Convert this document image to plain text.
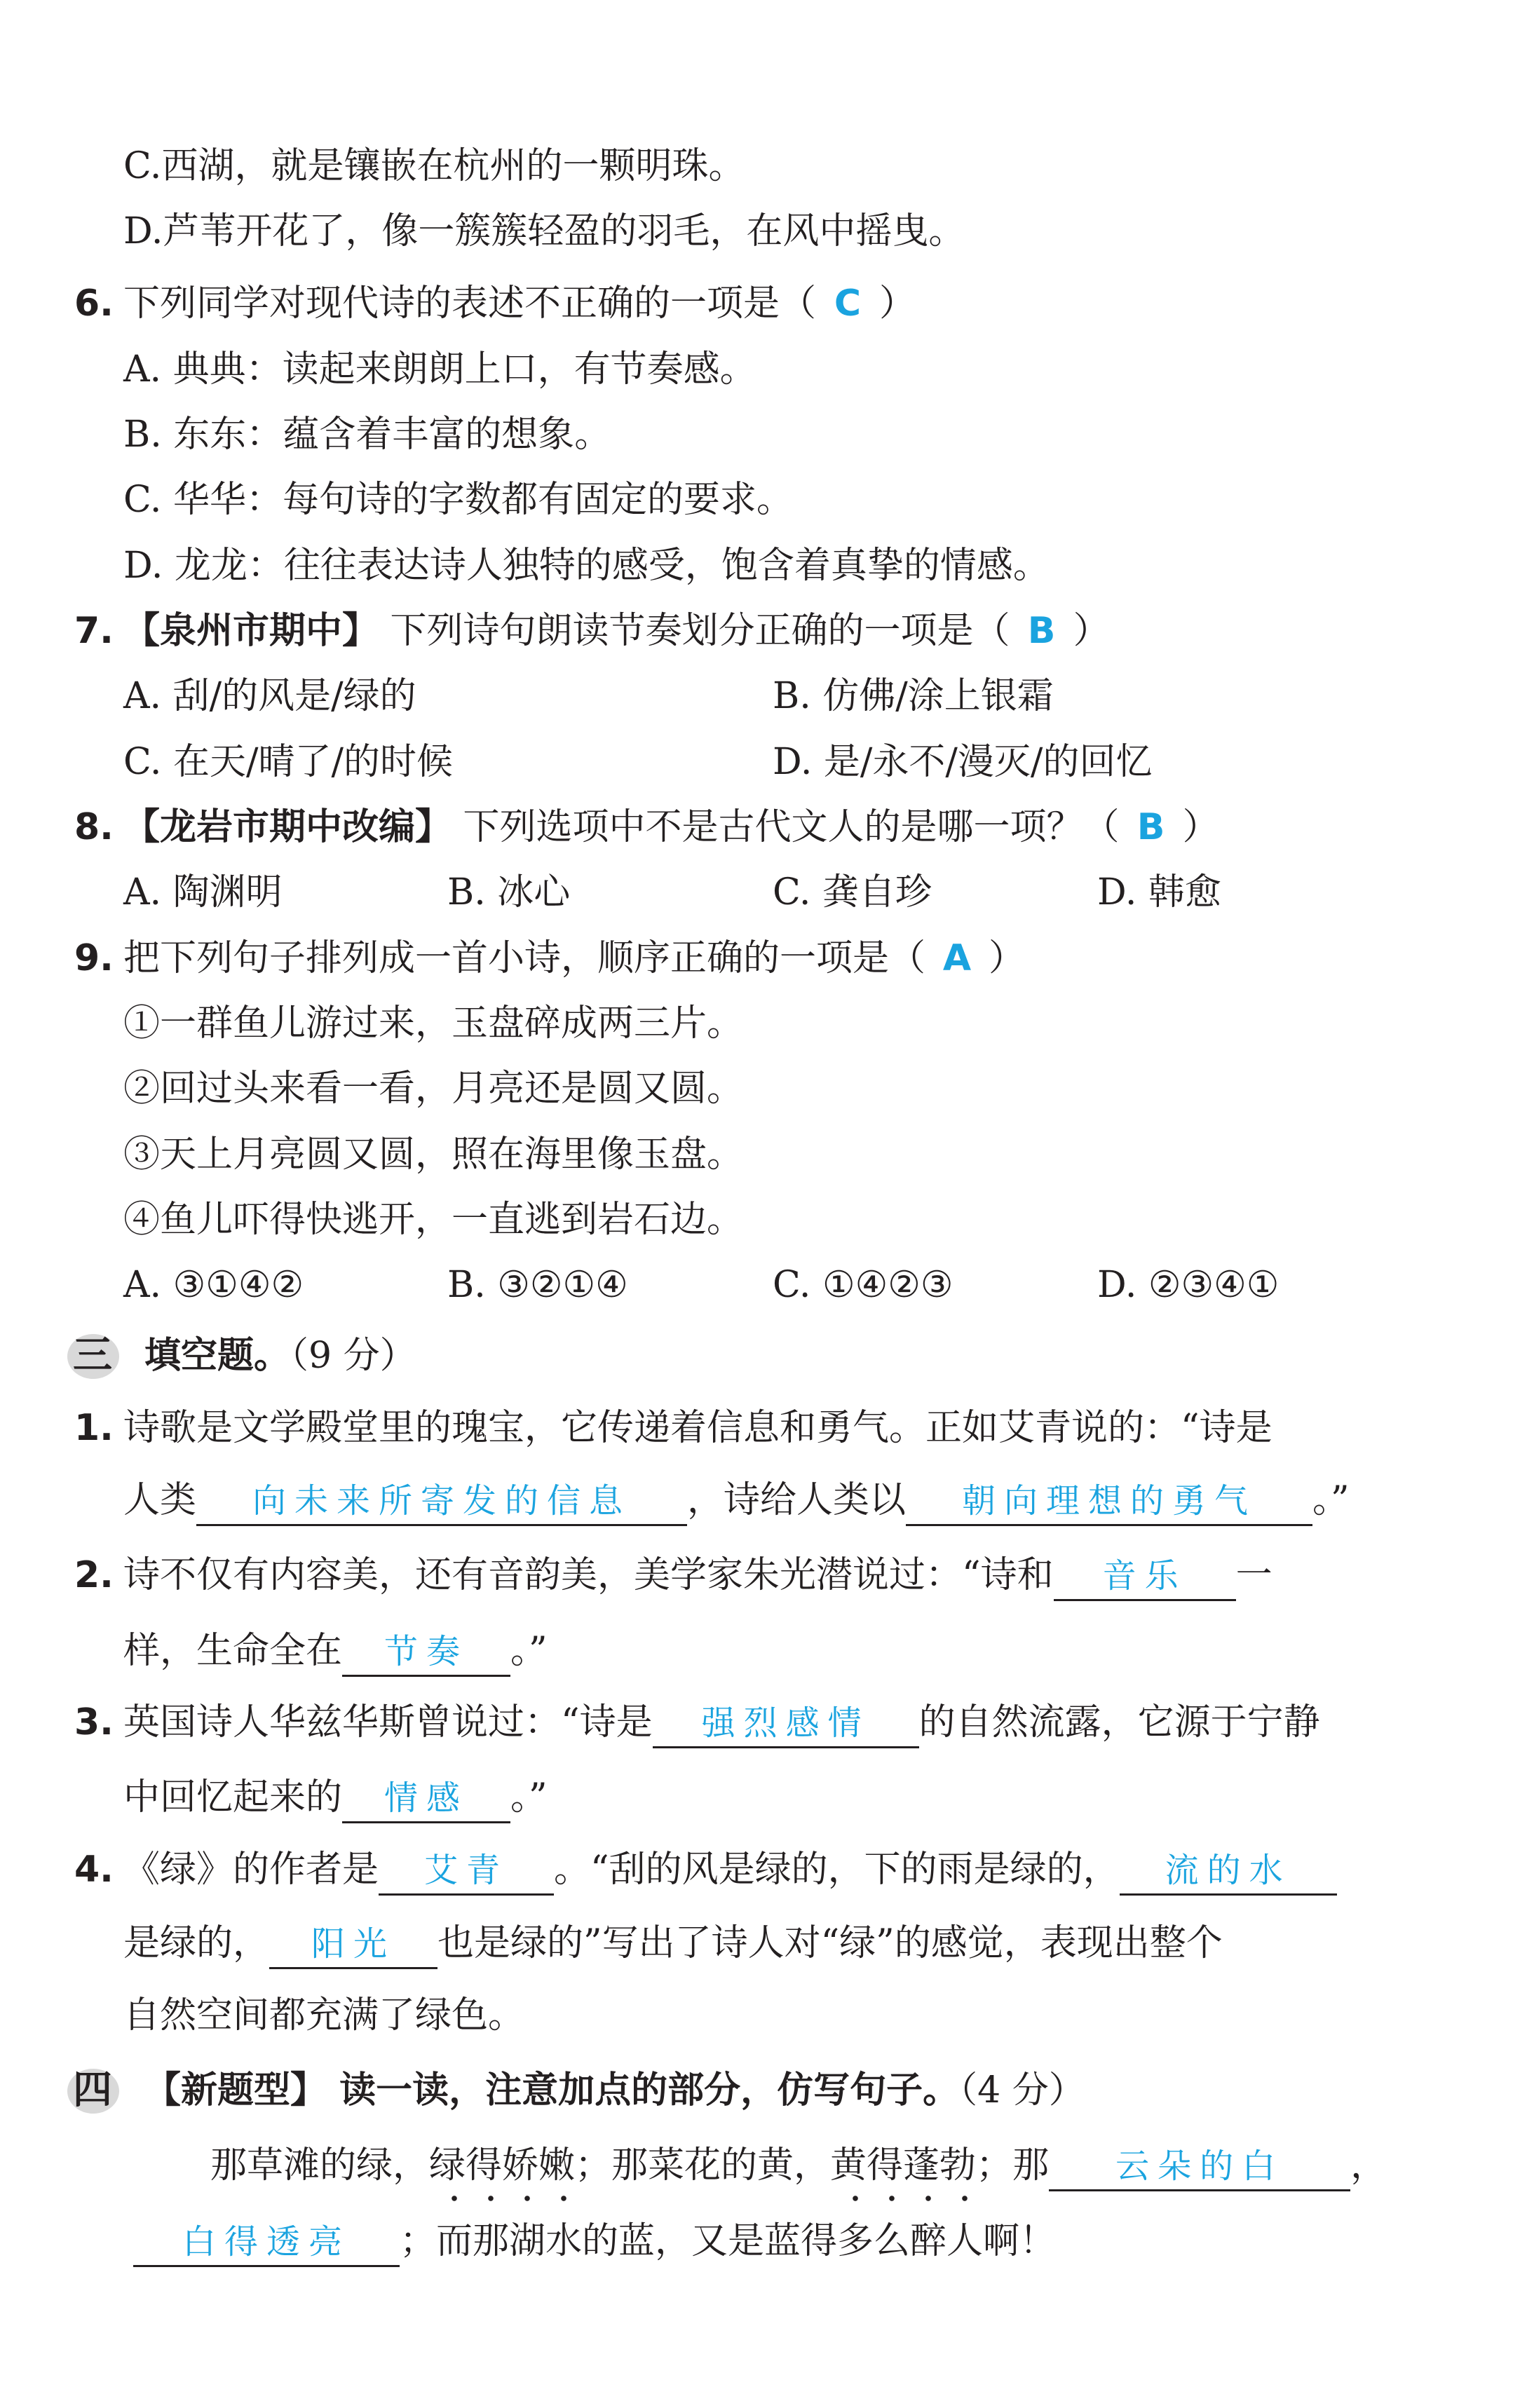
C.西湖，就是镶嵌在杭州的一颗明珠。
D.芦苇开花了，像一簇簇轻盈的羽毛，在风中摇曳。
6. 下列同学对现代诗的表述不正确的一项是（ C ）
A. 典典：读起来朗朗上口，有节奏感。
B. 东东：蕴含着丰富的想象。
C. 华华：每句诗的字数都有固定的要求。
D. 龙龙：往往表达诗人独特的感受，饱含着真挚的情感。
7. 【泉州市期中】 下列诗句朗读节奏划分正确的一项是（ B ）
A. 刮/的风是/绿的	B. 仿佛/涂上银霜
C. 在天/晴了/的时候	D. 是/永不/漫灭/的回忆
8. 【龙岩市期中改编】 下列选项中不是古代文人的是哪一项？（ B ）
A. 陶渊明	B. 冰心	C. 龚自珍	D. 韩愈
9. 把下列句子排列成一首小诗，顺序正确的一项是（ A ）
①一群鱼儿游过来，玉盘碎成两三片。
②回过头来看一看，月亮还是圆又圆。
③天上月亮圆又圆，照在海里像玉盘。
④鱼儿吓得快逃开，一直逃到岩石边。
A. ③①④②	B. ③②①④	C. ①④②③	D. ②③④①
三 填空题。（9 分）
1. 诗歌是文学殿堂里的瑰宝，它传递着信息和勇气。正如艾青说的：“诗是
人类 向未来所寄发的信息 ，诗给人类以 朝向理想的勇气 。”
2. 诗不仅有内容美，还有音韵美，美学家朱光潜说过：“诗和 音乐 一
样，生命全在 节奏 。”
3. 英国诗人华兹华斯曾说过：“诗是 强烈感情 的自然流露，它源于宁静
中回忆起来的 情感 。”
4. 《绿》的作者是 艾青 。“刮的风是绿的，下的雨是绿的， 流的水
是绿的， 阳光 也是绿的”写出了诗人对“绿”的感觉，表现出整个
自然空间都充满了绿色。
四 【新题型】 读一读，注意加点的部分，仿写句子。（4 分）
那草滩的绿，绿得娇嫩；那菜花的黄，黄得蓬勃；那 云朵的白 ，
白得透亮 ；而那湖水的蓝，又是蓝得多么醉人啊！
